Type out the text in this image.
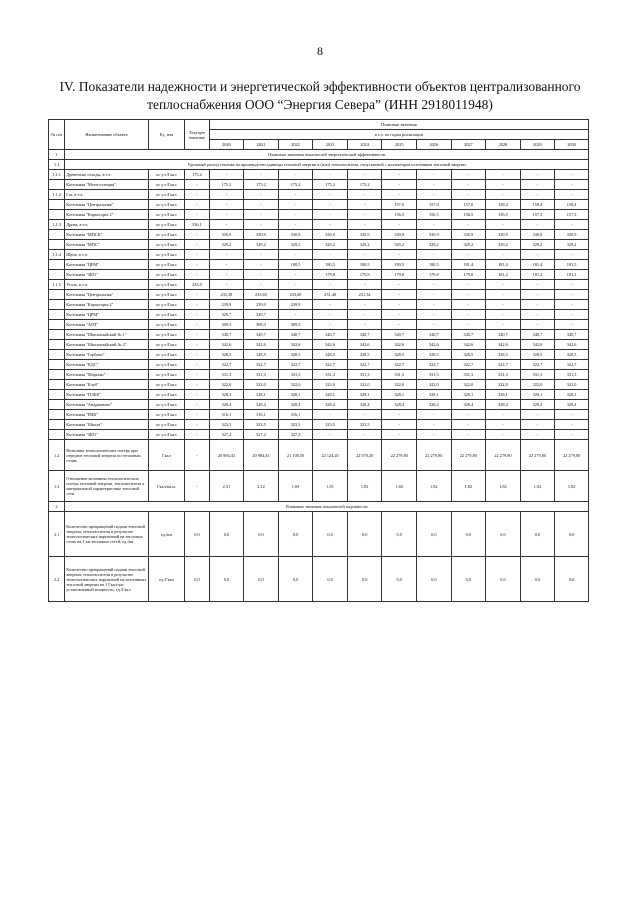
8
IV. Показатели надежности и энергетической эффективности объектов централизованного теплоснабжения ООО “Энергия Севера” (ИНН 2918011948)
№ п/п	Наименование объекта	Ед. изм	Текущее значение	Плановые значения										
				в т.ч. по годам реализации										
				2020	2021	2022	2023	2024	2025	2026	2027	2028	2029	2030
1	Плановые значения показателей энергетической эффективности													
1.1	Удельный расход топлива на производство единицы тепловой энергии в (или) теплоносителя, отпускаемой с коллекторов источников тепловой энергии													
1.1.1	Древесные отходы, в т.ч.	кг у.т./Гкал	175,2	-	-	-	-	-	-	-	-	-	-	-
	Котельная "Метеостанция"	кг у.т./Гкал	-	175,2	175,2	175,2	175,2	175,2	-	-	-	-	-	-
1.1.2	Газ, в т.ч.	кг у.т./Гкал	-	-	-	-	-	-	-	-	-	-	-	-
	Котельная "Центральная"	кг у.т./Гкал	-	-	-	-	-	-	157,0	157,0	157,0	158,4	158,4	158,4
	Котельная "Карпогоры-2"	кг у.т./Гкал	-	-	-	-	-	-	156,5	156,5	156,5	156,5	157,5	157,5
1.1.3	Дрова, в т.ч.	кг у.т./Гкал	336,1	-	-	-	-	-	-	-	-	-	-	-
	Котельная "МПСК"	кг у.т./Гкал	-	330,9	330,9	330,9	330,9	330,9	330,9	330,9	330,9	330,9	330,9	330,9
	Котельная "МПС"	кг у.т./Гкал	-	329,2	329,2	329,2	329,2	329,2	329,2	329,2	329,2	329,2	329,2	329,2
1.1.4	Щепа, в т.ч.	кг у.т./Гкал	-	-	-	-	-	-	-	-	-	-	-	-
	Котельная "ЦРМ"	кг у.т./Гкал	-	-	-	180,5	180,5	180,5	180,5	180,5	181,4	181,4	181,4	181,5
	Котельная "ЗКО"	кг у.т./Гкал	-	-	-	-	179,8	179,8	179,8	179,8	179,8	181,2	181,2	181,2
1.1.5	Уголь, в т.ч.	кг у.т./Гкал	233,0	-	-	-	-	-	-	-	-	-	-	-
	Котельная "Центральная"	кг у.т./Гкал	-	235,38	233,65	233,60	231,40	231,34	-	-	-	-	-	-
	Котельная "Карпогоры-2"	кг у.т./Гкал	-	239,9	239,9	239,9	-	-	-	-	-	-	-	-
	Котельная "ЦРМ"	кг у.т./Гкал	-	329,7	329,7	-	-	-	-	-	-	-	-	-
	Котельная "АТП"	кг у.т./Гкал	-	309,3	309,3	309,3	-	-	-	-	-	-	-	-
	Котельная "Школьныйский № 1"	кг у.т./Гкал	-	340,7	340,7	340,7	340,7	340,7	340,7	340,7	340,7	340,7	340,7	340,7
	Котельная "Школьныйский № 2"	кг у.т./Гкал	-	342,6	342,6	342,6	342,6	342,6	342,6	342,6	342,6	342,6	342,6	342,6
	Котельная "Горбачи"	кг у.т./Гкал	-	328,5	328,5	328,5	328,5	328,5	328,5	328,5	328,5	328,5	328,5	328,5
	Котельная "КДС"	кг у.т./Гкал	-	322,7	322,7	322,7	322,7	322,7	322,7	322,7	322,7	322,7	322,7	322,7
	Котельная "Марьеко"	кг у.т./Гкал	-	331,3	331,3	331,3	331,3	331,3	331,3	331,3	331,3	331,3	331,3	331,3
	Котельная "Клуб"	кг у.т./Гкал	-	322,0	322,0	322,0	322,0	322,0	322,0	322,0	322,0	322,0	322,0	322,0
	Котельная "ПЭБК"	кг у.т./Гкал	-	328,1	328,1	328,1	328,1	328,1	328,1	328,1	328,1	328,1	328,1	328,1
	Котельная "Андрианово"	кг у.т./Гкал	-	328,4	328,4	328,4	328,4	328,4	328,4	328,4	328,4	328,4	328,4	328,4
	Котельная "РИК"	кг у.т./Гкал	-	316,1	316,1	316,1	-	-	-	-	-	-	-	-
	Котельная "Школа"	кг у.т./Гкал	-	323,5	323,5	323,5	323,5	323,5	-	-	-	-	-	-
	Котельная "ЗКО"	кг у.т./Гкал	-	327,2	327,2	327,2	-	-	-	-	-	-	-	-
1.2	Величина технологических потерь при передаче тепловой энергии по тепловым сетям	Гкал	-	20 984,43	20 984,43	21 108,50	22 124,20	22 070,20	22 279,80	22 279,80	22 279,80	22 279,80	22 279,80	22 279,80
1.3	Отношение величины технологических потерь тепловой энергии, теплоносителя к материальной характеристике тепловой сети	Гкал/кв.м.	-	2,31	2,12	1,69	1,81	1,82	1,82	1,82	1,82	1,82	1,82	1,82
2	Плановые значения показателей надежности													
2.1	Количество прекращений подачи тепловой энергии, теплоносителя в результате технологических нарушений на тепловых сетях на 1 км тепловых сетей, ед./км	ед./км	0,0	0,0	0,0	0,0	0,0	0,0	0,0	0,0	0,0	0,0	0,0	0,0
2.2	Количество прекращений подачи тепловой энергии, теплоносителя в результате технологических нарушений на источниках тепловой энергии на 1 Гкал/час установленной мощности, ед./Гкал	ед./Гкал	0,0	0,0	0,0	0,0	0,0	0,0	0,0	0,0	0,0	0,0	0,0	0,0
